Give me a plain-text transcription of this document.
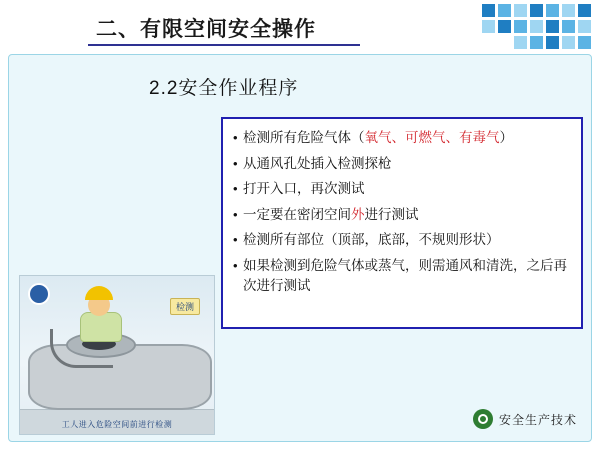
二、有限空间安全操作
2.2安全作业程序
• 检测所有危险气体（氧气、可燃气、有毒气）
• 从通风孔处插入检测探枪
• 打开入口，再次测试
• 一定要在密闭空间外进行测试
• 检测所有部位（顶部，底部，不规则形状）
• 如果检测到危险气体或蒸气，则需通风和清洗，之后再次进行测试
检测
工人进入危险空间前进行检测	安全生产技术
